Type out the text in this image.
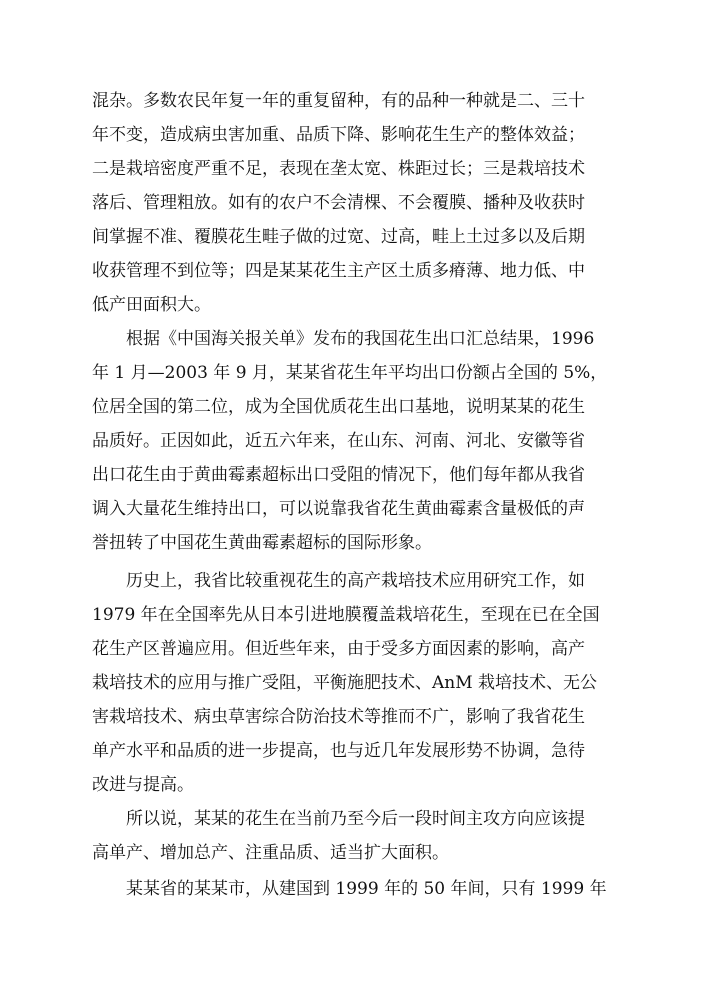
混杂。多数农民年复一年的重复留种，有的品种一种就是二、三十
年不变，造成病虫害加重、品质下降、影响花生生产的整体效益；
二是栽培密度严重不足，表现在垄太宽、株距过长；三是栽培技术
落后、管理粗放。如有的农户不会清棵、不会覆膜、播种及收获时
间掌握不准、覆膜花生畦子做的过宽、过高，畦上土过多以及后期
收获管理不到位等；四是某某花生主产区土质多瘠薄、地力低、中
低产田面积大。
根据《中国海关报关单》发布的我国花生出口汇总结果，1996
年 1 月—2003 年 9 月，某某省花生年平均出口份额占全国的 5%，
位居全国的第二位，成为全国优质花生出口基地，说明某某的花生
品质好。正因如此，近五六年来，在山东、河南、河北、安徽等省
出口花生由于黄曲霉素超标出口受阻的情况下，他们每年都从我省
调入大量花生维持出口，可以说靠我省花生黄曲霉素含量极低的声
誉扭转了中国花生黄曲霉素超标的国际形象。
历史上，我省比较重视花生的高产栽培技术应用研究工作，如
1979 年在全国率先从日本引进地膜覆盖栽培花生，至现在已在全国
花生产区普遍应用。但近些年来，由于受多方面因素的影响，高产
栽培技术的应用与推广受阻，平衡施肥技术、AnM 栽培技术、无公
害栽培技术、病虫草害综合防治技术等推而不广，影响了我省花生
单产水平和品质的进一步提高，也与近几年发展形势不协调，急待
改进与提高。
所以说，某某的花生在当前乃至今后一段时间主攻方向应该提
高单产、增加总产、注重品质、适当扩大面积。
某某省的某某市，从建国到 1999 年的 50 年间，只有 1999 年
